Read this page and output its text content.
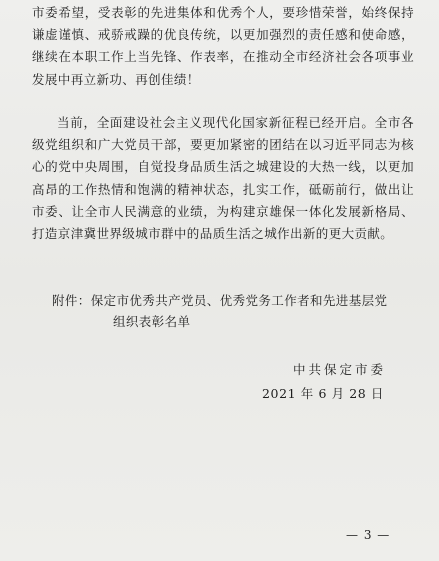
市委希望，受表彰的先进集体和优秀个人，要珍惜荣誉，始终保持谦虚谨慎、戒骄戒躁的优良传统，以更加强烈的责任感和使命感，继续在本职工作上当先锋、作表率，在推动全市经济社会各项事业发展中再立新功、再创佳绩！
当前，全面建设社会主义现代化国家新征程已经开启。全市各级党组织和广大党员干部，要更加紧密的团结在以习近平同志为核心的党中央周围，自觉投身品质生活之城建设的大热一线，以更加高昂的工作热情和饱满的精神状态，扎实工作，砥砺前行，做出让市委、让全市人民满意的业绩，为构建京雄保一体化发展新格局、打造京津冀世界级城市群中的品质生活之城作出新的更大贡献。
附件：保定市优秀共产党员、优秀党务工作者和先进基层党
组织表彰名单
中共保定市委
2021 年 6 月 28 日
— 3 —
